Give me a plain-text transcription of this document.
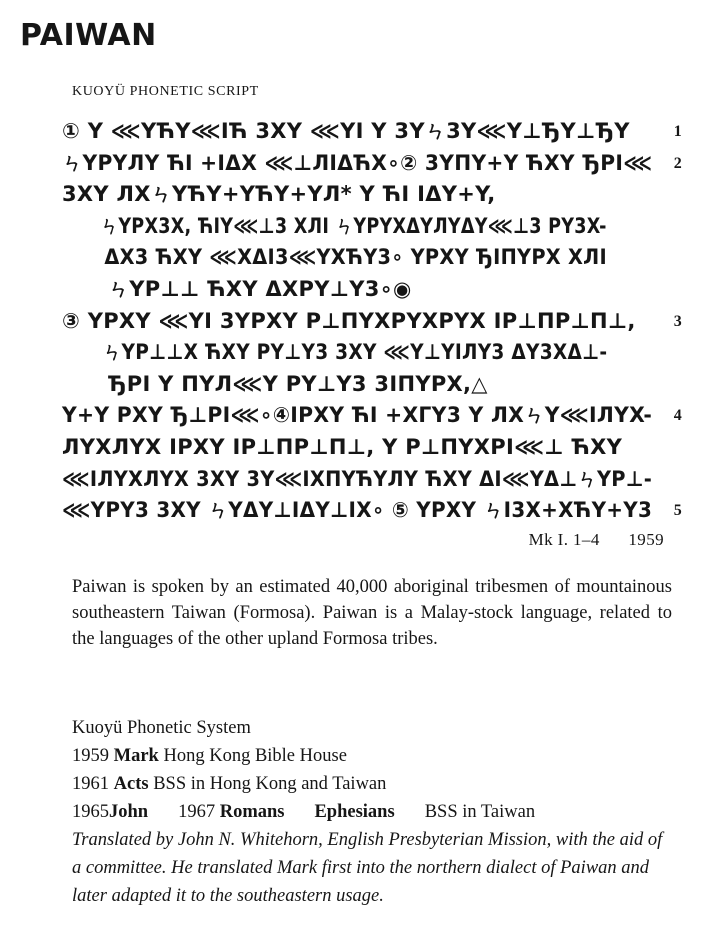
PAIWAN
KUOYÜ PHONETIC SCRIPT
① Y ⋘YЋY⋘IЋ 3XY ⋘YI Y 3Yㄣ3Y⋘Y⊥ЂY⊥ЂY	1
ㄣYPYЛY ЋI +IΔX ⋘⊥ЛIΔЋX∘② 3YПY+Y ЋXY ЂPI⋘ 2
3XY ЛXㄣYЋY+YЋY+YЛ* Y ЋI IΔY+Y,
ㄣYPX3X, ЋIY⋘⊥3 XЛI ㄣYPYXΔYЛYΔY⋘⊥3 PY3X-
ΔX3 ЋXY ⋘XΔI3⋘YXЋY3∘ YPXY ЂIПYPX XЛI
ㄣYP⊥⊥ ЋXY ΔXPY⊥Y3∘◉
③ YPXY ⋘YI 3YPXY P⊥ПYXPYXPYX IP⊥ПP⊥П⊥, 3
ㄣYP⊥⊥X ЋXY PY⊥Y3 3XY ⋘Y⊥YIЛY3 ΔY3XΔ⊥-
ЂPI Y ПYЛ⋘Y PY⊥Y3 3IПYPX,△
Y+Y PXY Ђ⊥PI⋘∘④IPXY ЋI +XГY3 Y ЛXㄣY⋘IЛYX- 4
ЛYXЛYX IPXY IP⊥ПP⊥П⊥, Y P⊥ПYXPI⋘⊥ ЋXY
⋘IЛYXЛYX 3XY 3Y⋘IXПYЋYЛY ЋXY ΔI⋘YΔ⊥ㄣYP⊥-
⋘YPY3 3XY ㄣYΔY⊥IΔY⊥IX∘ ⑤ YPXY ㄣI3X+XЋY+Y3 5
Mk I. 1–4 1959

Paiwan is spoken by an estimated 40,000 aboriginal tribesmen of mountainous southeastern Taiwan (Formosa). Paiwan is a Malay-stock language, related to the languages of the other upland Formosa tribes.

Kuoyü Phonetic System
1959 Mark Hong Kong Bible House
1961 Acts BSS in Hong Kong and Taiwan
1965John 1967 Romans Ephesians BSS in Taiwan

Translated by John N. Whitehorn, English Presbyterian Mission, with the aid of a committee. He translated Mark first into the northern dialect of Paiwan and later adapted it to the southeastern usage.
